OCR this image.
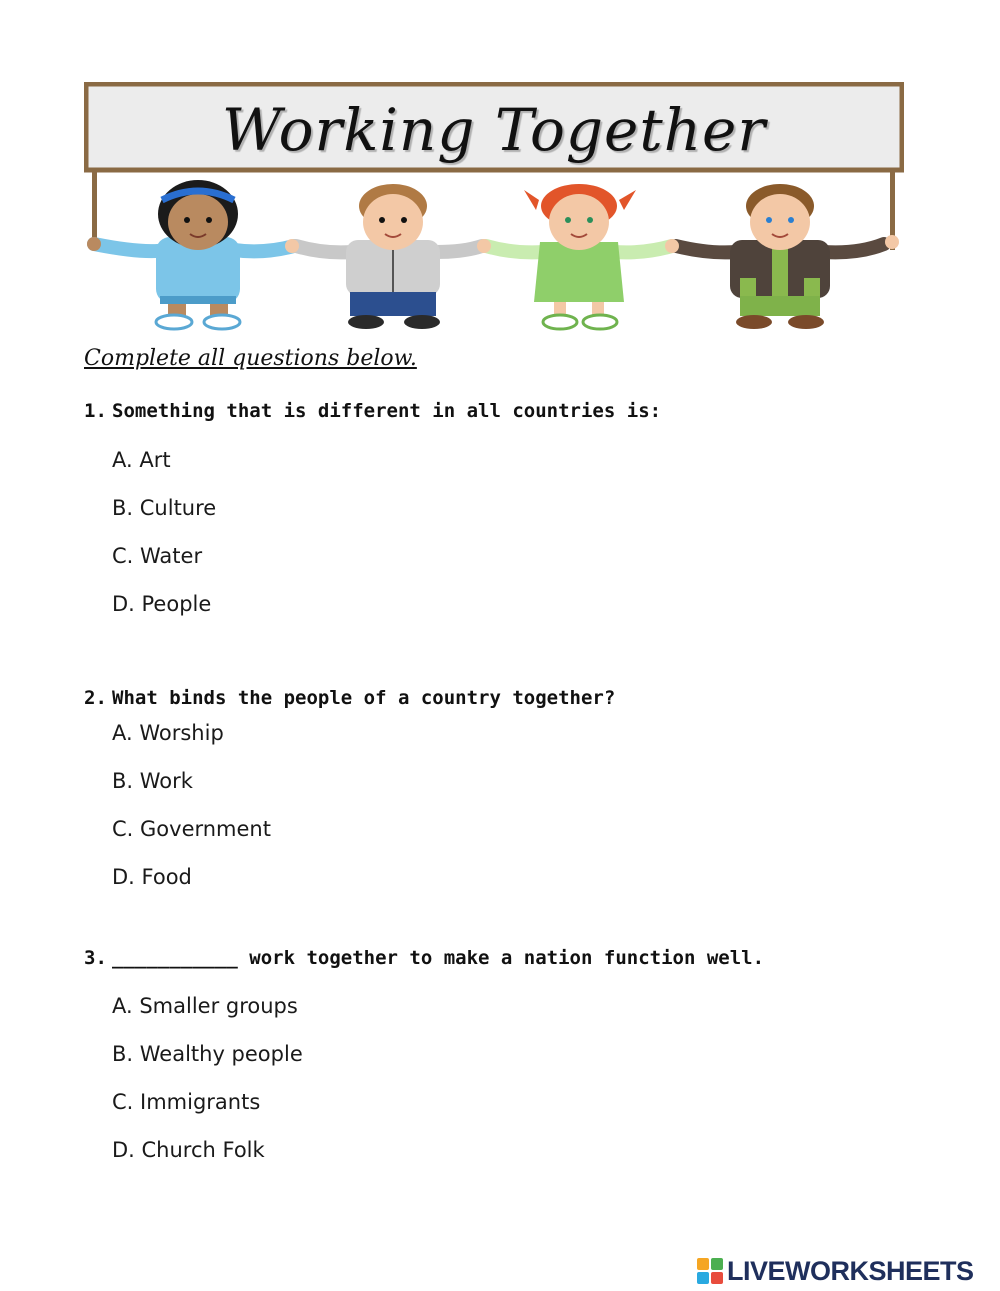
Working Together
Complete all questions below.
1. Something that is different in all countries is:
A. Art
B. Culture
C. Water
D. People
2. What binds the people of a country together?
A. Worship
B. Work
C. Government
D. Food
3. ___________ work together to make a nation function well.
A. Smaller groups
B. Wealthy people
C. Immigrants
D. Church Folk
LIVEWORKSHEETS
